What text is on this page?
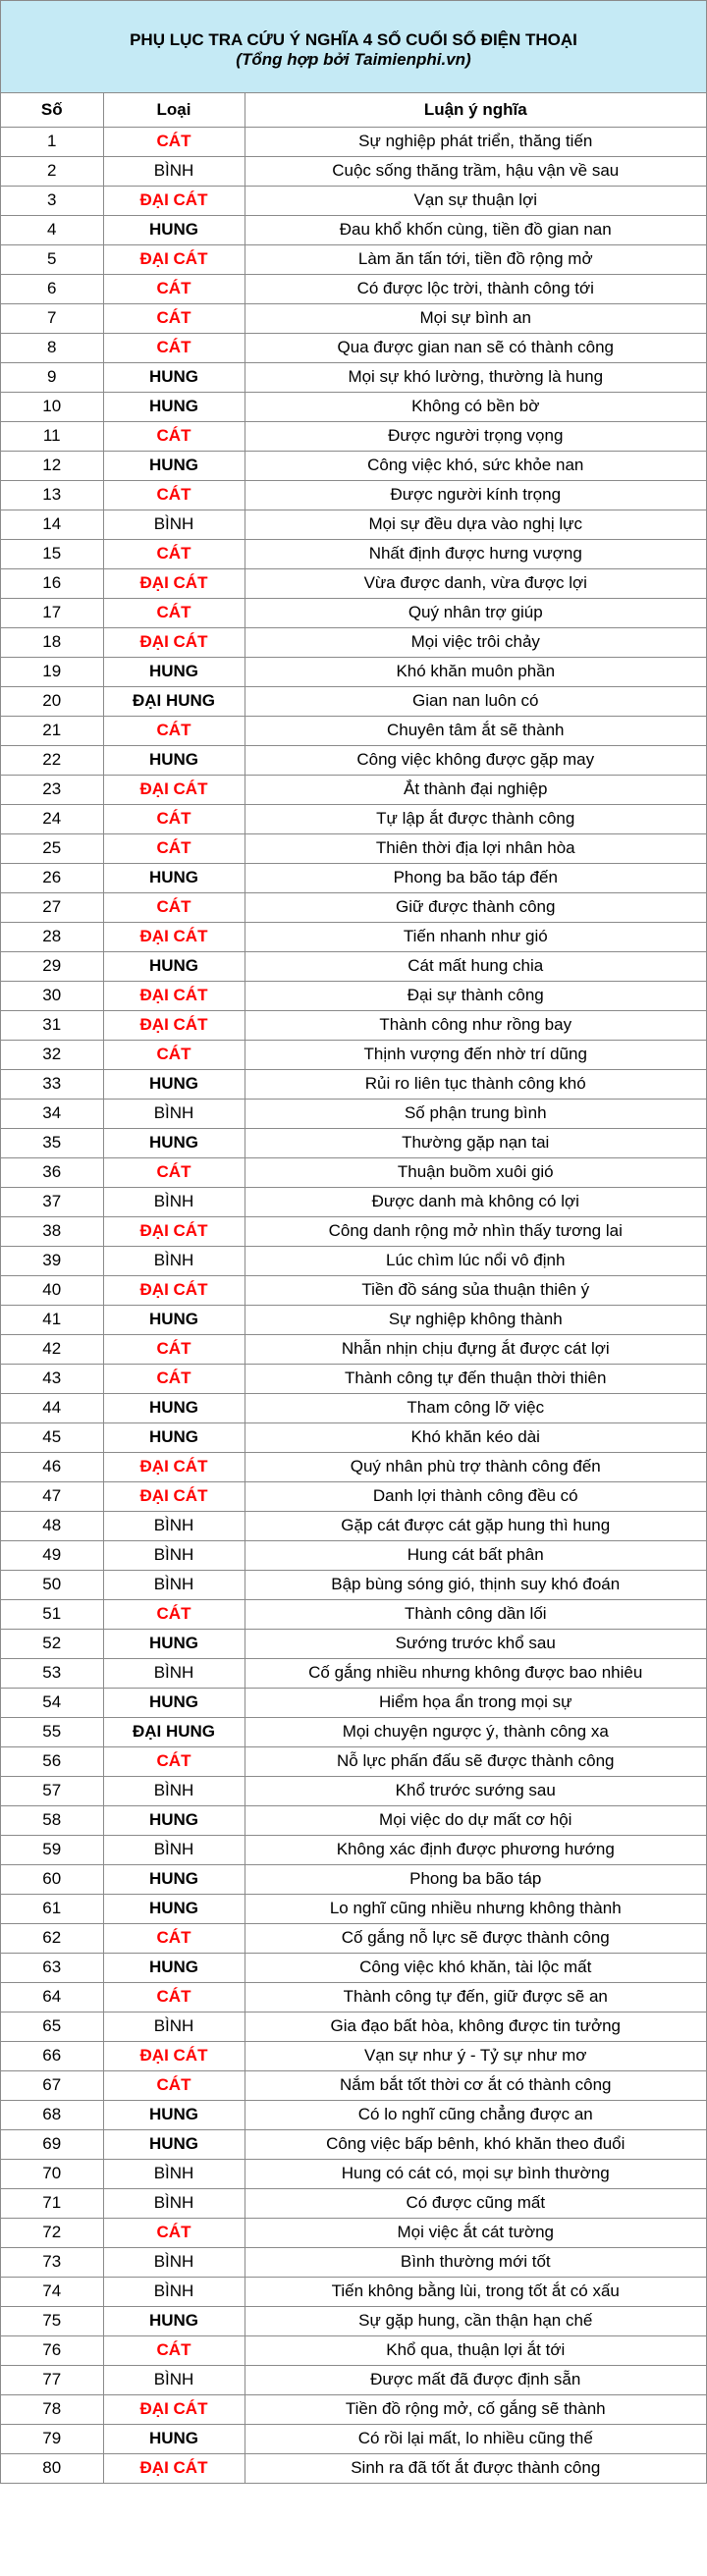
PHỤ LỤC TRA CỨU Ý NGHĨA 4 SỐ CUỐI SỐ ĐIỆN THOẠI
(Tổng hợp bởi Taimienphi.vn)
Số	Loại	Luận ý nghĩa
1	CÁT	Sự nghiệp phát triển, thăng tiến
2	BÌNH	Cuộc sống thăng trầm, hậu vận về sau
3	ĐẠI CÁT	Vạn sự thuận lợi
4	HUNG	Đau khổ khốn cùng, tiền đồ gian nan
5	ĐẠI CÁT	Làm ăn tấn tới, tiền đồ rộng mở
6	CÁT	Có được lộc trời, thành công tới
7	CÁT	Mọi sự bình an
8	CÁT	Qua được gian nan sẽ có thành công
9	HUNG	Mọi sự khó lường, thường là hung
10	HUNG	Không có bền bờ
11	CÁT	Được người trọng vọng
12	HUNG	Công việc khó, sức khỏe nan
13	CÁT	Được người kính trọng
14	BÌNH	Mọi sự đều dựa vào nghị lực
15	CÁT	Nhất định được hưng vượng
16	ĐẠI CÁT	Vừa được danh, vừa được lợi
17	CÁT	Quý nhân trợ giúp
18	ĐẠI CÁT	Mọi việc trôi chảy
19	HUNG	Khó khăn muôn phần
20	ĐẠI HUNG	Gian nan luôn có
21	CÁT	Chuyên tâm ắt sẽ thành
22	HUNG	Công việc không được gặp may
23	ĐẠI CÁT	Ắt thành đại nghiệp
24	CÁT	Tự lập ắt được thành công
25	CÁT	Thiên thời địa lợi nhân hòa
26	HUNG	Phong ba bão táp đến
27	CÁT	Giữ được thành công
28	ĐẠI CÁT	Tiến nhanh như gió
29	HUNG	Cát mất hung chia
30	ĐẠI CÁT	Đại sự thành công
31	ĐẠI CÁT	Thành công như rồng bay
32	CÁT	Thịnh vượng đến nhờ trí dũng
33	HUNG	Rủi ro liên tục thành công khó
34	BÌNH	Số phận trung bình
35	HUNG	Thường gặp nạn tai
36	CÁT	Thuận buồm xuôi gió
37	BÌNH	Được danh mà không có lợi
38	ĐẠI CÁT	Công danh rộng mở nhìn thấy tương lai
39	BÌNH	Lúc chìm lúc nổi vô định
40	ĐẠI CÁT	Tiền đồ sáng sủa thuận thiên ý
41	HUNG	Sự nghiệp không thành
42	CÁT	Nhẫn nhịn chịu đựng ắt được cát lợi
43	CÁT	Thành công tự đến thuận thời thiên
44	HUNG	Tham công lỡ việc
45	HUNG	Khó khăn kéo dài
46	ĐẠI CÁT	Quý nhân phù trợ thành công đến
47	ĐẠI CÁT	Danh lợi thành công đều có
48	BÌNH	Gặp cát được cát gặp hung thì hung
49	BÌNH	Hung cát bất phân
50	BÌNH	Bập bùng sóng gió, thịnh suy khó đoán
51	CÁT	Thành công dần lối
52	HUNG	Sướng trước khổ sau
53	BÌNH	Cố gắng nhiều nhưng không được bao nhiêu
54	HUNG	Hiểm họa ẩn trong mọi sự
55	ĐẠI HUNG	Mọi chuyện ngược ý, thành công xa
56	CÁT	Nỗ lực phấn đấu sẽ được thành công
57	BÌNH	Khổ trước sướng sau
58	HUNG	Mọi việc do dự mất cơ hội
59	BÌNH	Không xác định được phương hướng
60	HUNG	Phong ba bão táp
61	HUNG	Lo nghĩ cũng nhiều nhưng không thành
62	CÁT	Cố gắng nỗ lực sẽ được thành công
63	HUNG	Công việc khó khăn, tài lộc mất
64	CÁT	Thành công tự đến, giữ được sẽ an
65	BÌNH	Gia đạo bất hòa, không được tin tưởng
66	ĐẠI CÁT	Vạn sự như ý - Tỷ sự như mơ
67	CÁT	Nắm bắt tốt thời cơ ắt có thành công
68	HUNG	Có lo nghĩ cũng chẳng được an
69	HUNG	Công việc bấp bênh, khó khăn theo đuổi
70	BÌNH	Hung có cát có, mọi sự bình thường
71	BÌNH	Có được cũng mất
72	CÁT	Mọi việc ắt cát tường
73	BÌNH	Bình thường mới tốt
74	BÌNH	Tiến không bằng lùi, trong tốt ắt có xấu
75	HUNG	Sự gặp hung, cần thận hạn chế
76	CÁT	Khổ qua, thuận lợi ắt tới
77	BÌNH	Được mất đã được định sẵn
78	ĐẠI CÁT	Tiền đồ rộng mở, cố gắng sẽ thành
79	HUNG	Có rồi lại mất, lo nhiều cũng thế
80	ĐẠI CÁT	Sinh ra đã tốt ắt được thành công
